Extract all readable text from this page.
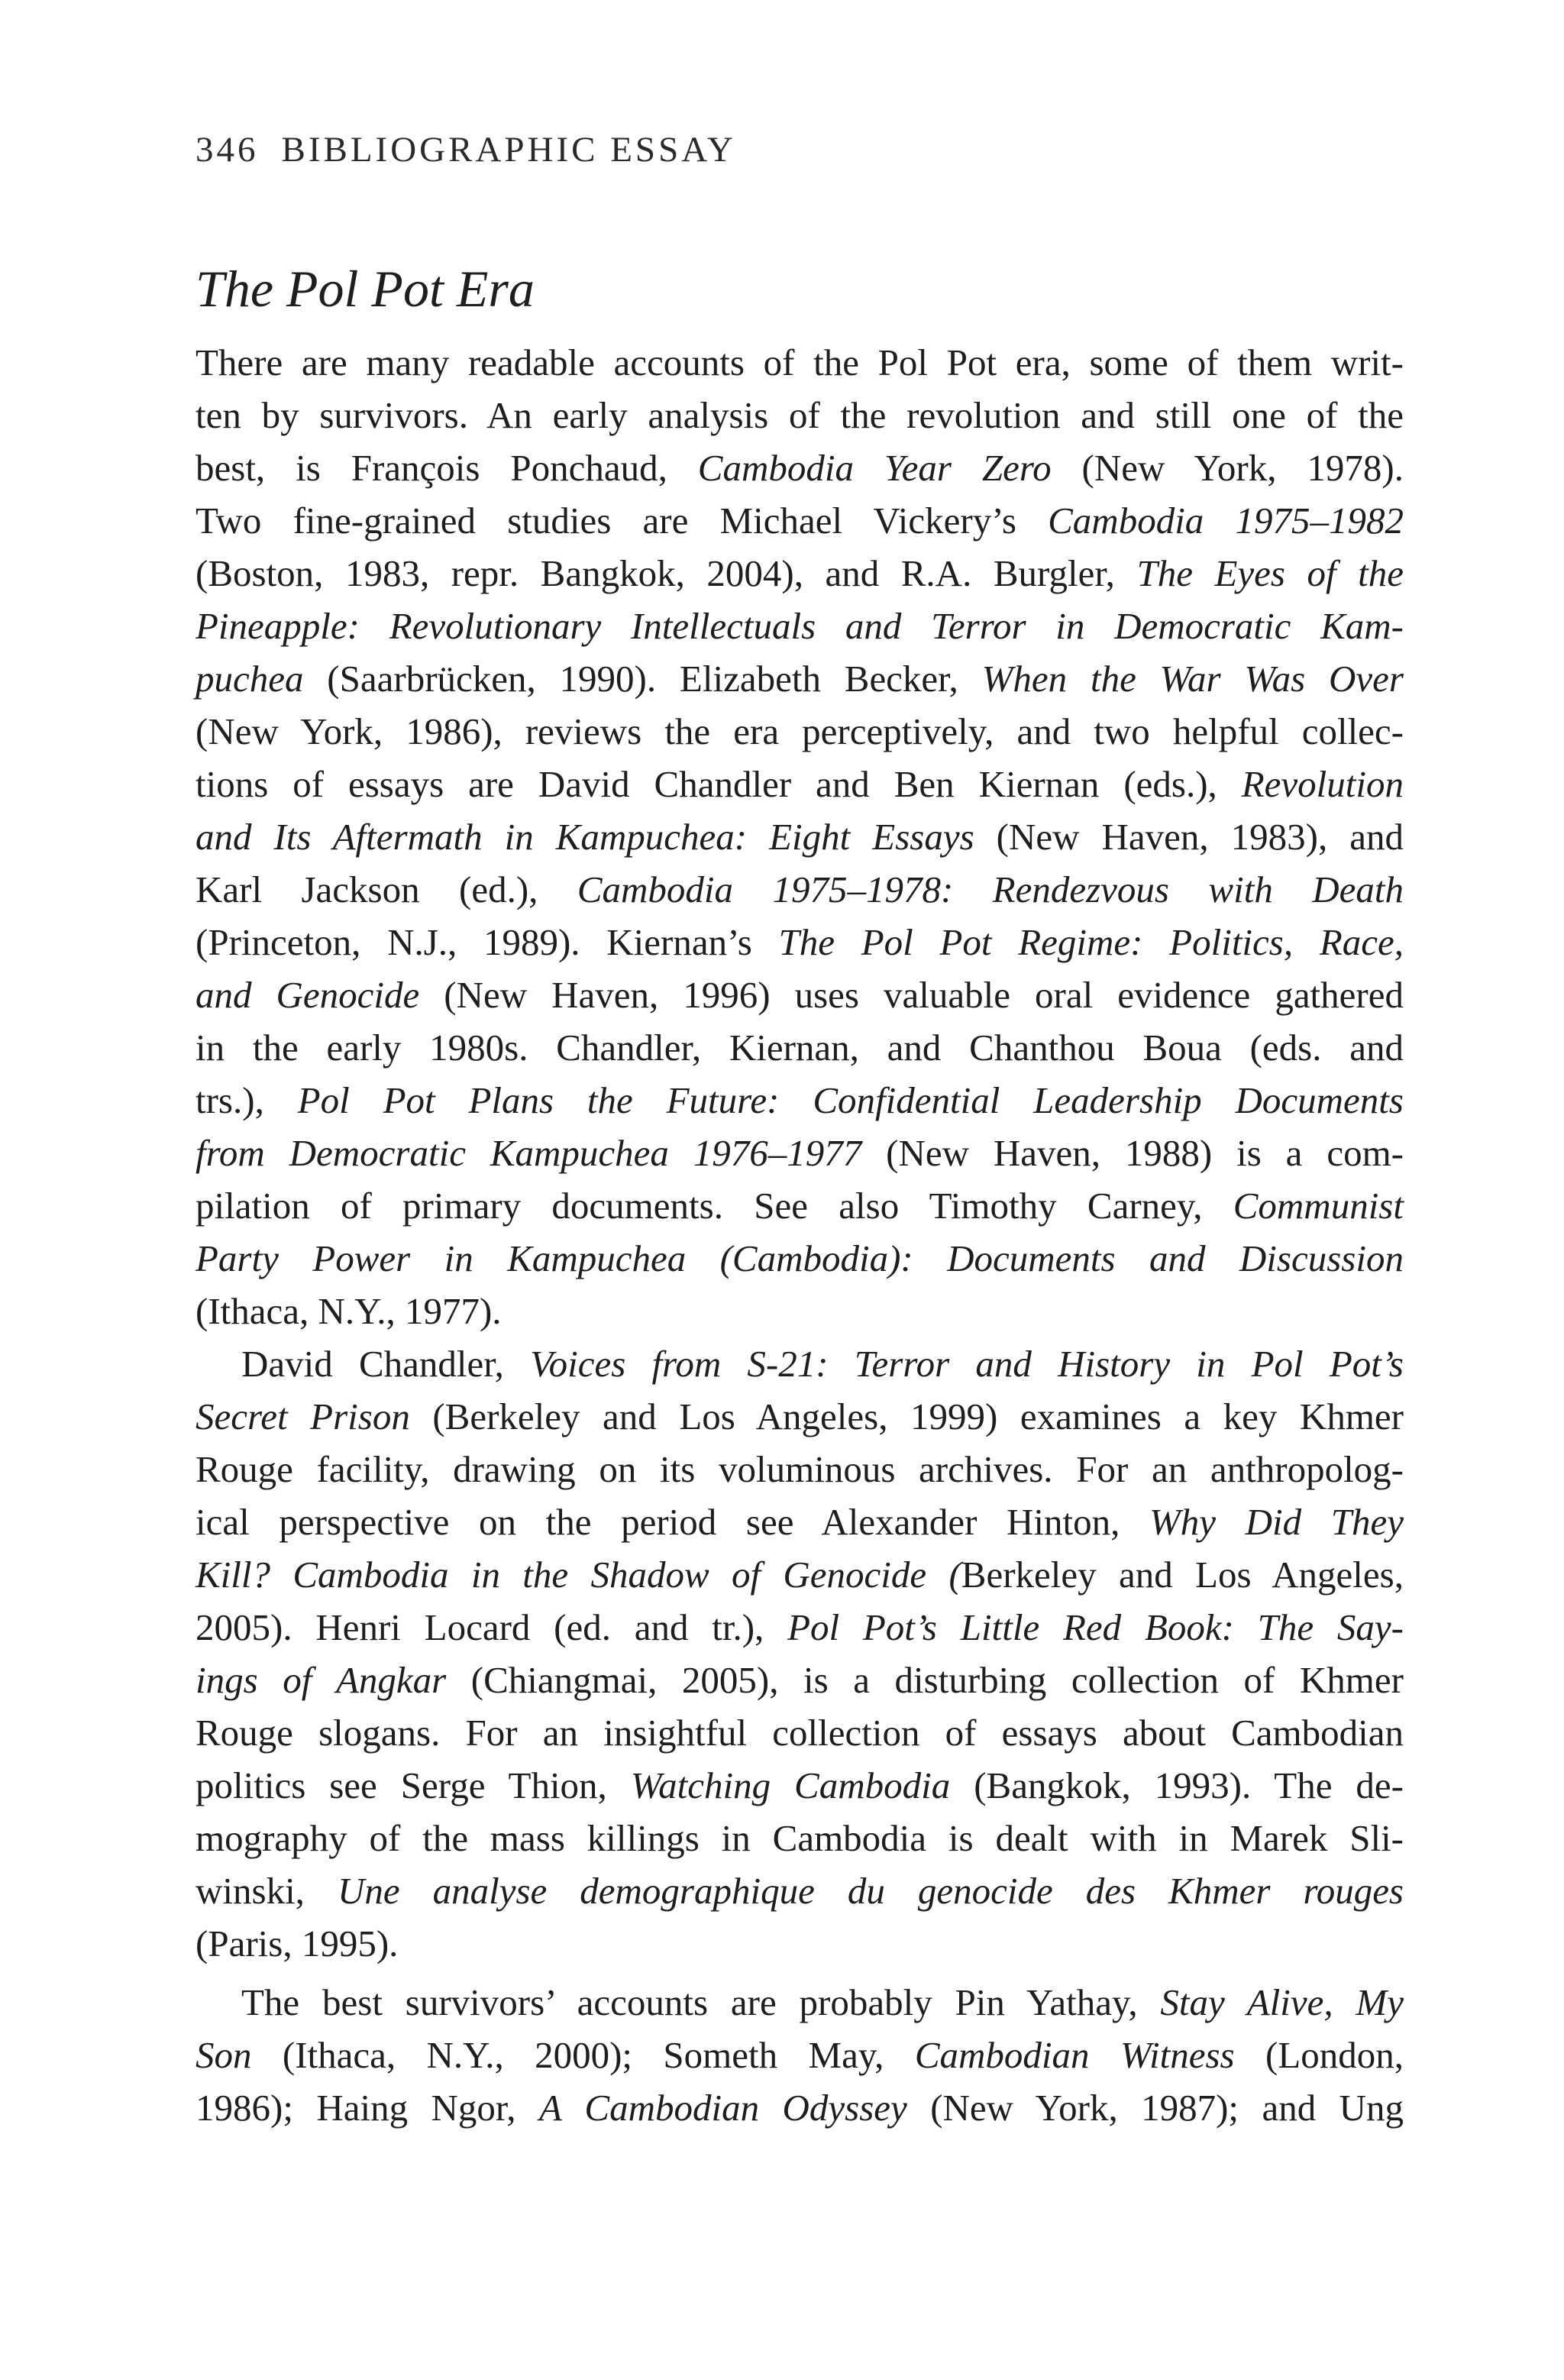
346 BIBLIOGRAPHIC ESSAY
The Pol Pot Era
There are many readable accounts of the Pol Pot era, some of them writ-
ten by survivors. An early analysis of the revolution and still one of the
best, is François Ponchaud, Cambodia Year Zero (New York, 1978).
Two fine-grained studies are Michael Vickery’s Cambodia 1975–1982
(Boston, 1983, repr. Bangkok, 2004), and R.A. Burgler, The Eyes of the
Pineapple: Revolutionary Intellectuals and Terror in Democratic Kam-
puchea (Saarbrücken, 1990). Elizabeth Becker, When the War Was Over
(New York, 1986), reviews the era perceptively, and two helpful collec-
tions of essays are David Chandler and Ben Kiernan (eds.), Revolution
and Its Aftermath in Kampuchea: Eight Essays (New Haven, 1983), and
Karl Jackson (ed.), Cambodia 1975–1978: Rendezvous with Death
(Princeton, N.J., 1989). Kiernan’s The Pol Pot Regime: Politics, Race,
and Genocide (New Haven, 1996) uses valuable oral evidence gathered
in the early 1980s. Chandler, Kiernan, and Chanthou Boua (eds. and
trs.), Pol Pot Plans the Future: Confidential Leadership Documents
from Democratic Kampuchea 1976–1977 (New Haven, 1988) is a com-
pilation of primary documents. See also Timothy Carney, Communist
Party Power in Kampuchea (Cambodia): Documents and Discussion
(Ithaca, N.Y., 1977).
David Chandler, Voices from S-21: Terror and History in Pol Pot’s
Secret Prison (Berkeley and Los Angeles, 1999) examines a key Khmer
Rouge facility, drawing on its voluminous archives. For an anthropolog-
ical perspective on the period see Alexander Hinton, Why Did They
Kill? Cambodia in the Shadow of Genocide (Berkeley and Los Angeles,
2005). Henri Locard (ed. and tr.), Pol Pot’s Little Red Book: The Say-
ings of Angkar (Chiangmai, 2005), is a disturbing collection of Khmer
Rouge slogans. For an insightful collection of essays about Cambodian
politics see Serge Thion, Watching Cambodia (Bangkok, 1993). The de-
mography of the mass killings in Cambodia is dealt with in Marek Sli-
winski, Une analyse demographique du genocide des Khmer rouges
(Paris, 1995).
The best survivors’ accounts are probably Pin Yathay, Stay Alive, My
Son (Ithaca, N.Y., 2000); Someth May, Cambodian Witness (London,
1986); Haing Ngor, A Cambodian Odyssey (New York, 1987); and Ung
